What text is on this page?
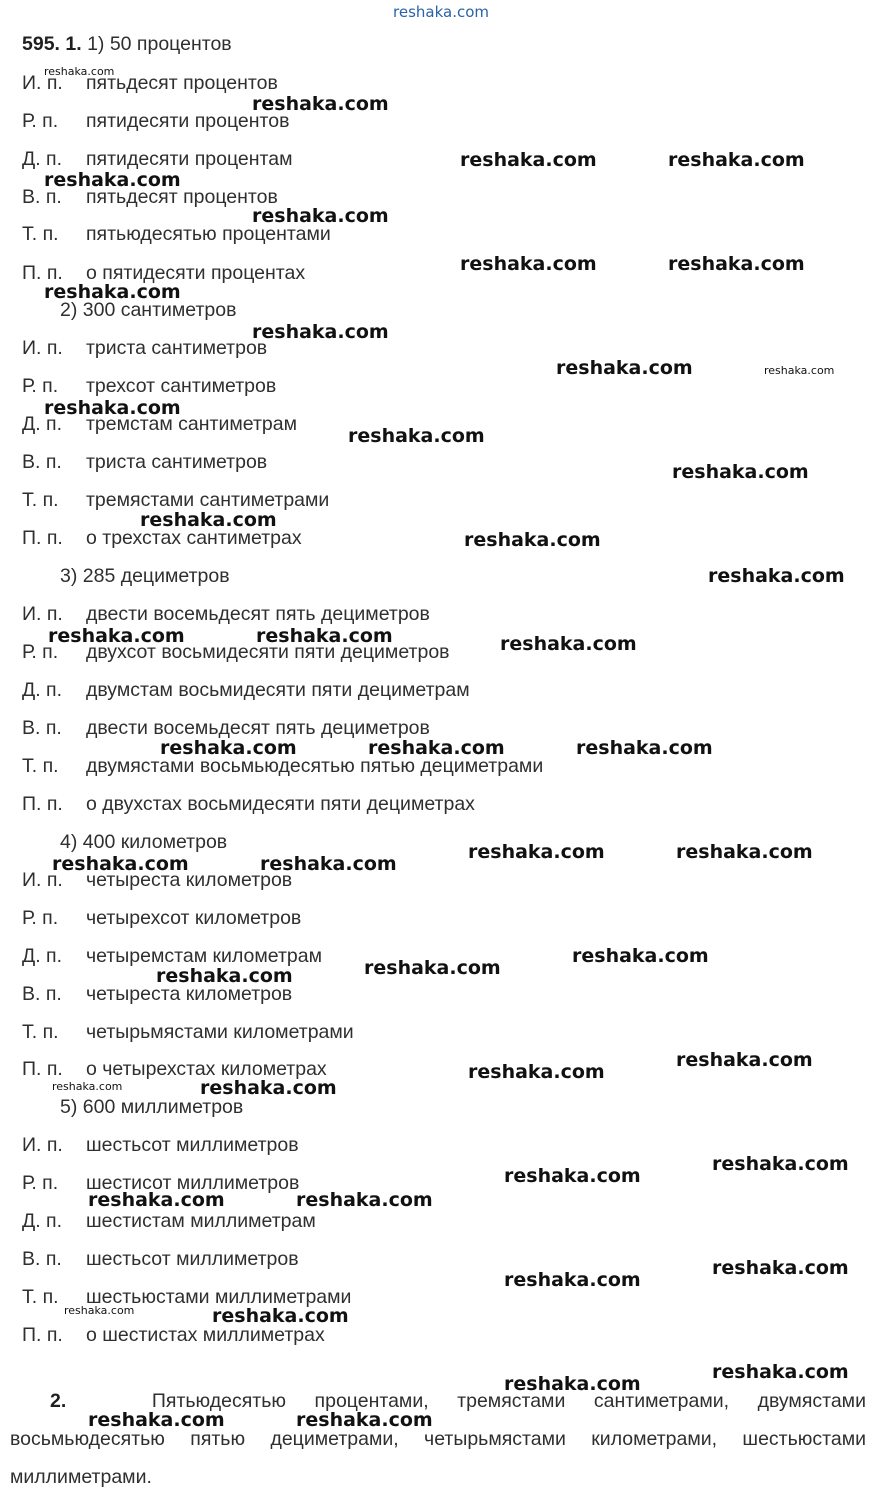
reshaka.com
595. 1. 1) 50 процентов
И. п. пятьдесят процентов
Р. п. пятидесяти процентов
Д. п. пятидесяти процентам
В. п. пятьдесят процентов
Т. п. пятьюдесятью процентами
П. п. о пятидесяти процентах
2) 300 сантиметров
И. п. триста сантиметров
Р. п. трехсот сантиметров
Д. п. тремстам сантиметрам
В. п. триста сантиметров
Т. п. тремястами сантиметрами
П. п. о трехстах сантиметрах
3) 285 дециметров
И. п. двести восемьдесят пять дециметров
Р. п. двухсот восьмидесяти пяти дециметров
Д. п. двумстам восьмидесяти пяти дециметрам
В. п. двести восемьдесят пять дециметров
Т. п. двумястами восьмьюдесятью пятью дециметрами
П. п. о двухстах восьмидесяти пяти дециметрах
4) 400 километров
И. п. четыреста километров
Р. п. четырехсот километров
Д. п. четыремстам километрам
В. п. четыреста километров
Т. п. четырьмястами километрами
П. п. о четырехстах километрах
5) 600 миллиметров
И. п. шестьсот миллиметров
Р. п. шестисот миллиметров
Д. п. шестистам миллиметрам
В. п. шестьсот миллиметров
Т. п. шестьюстами миллиметрами
П. п. о шестистах миллиметрах
2.	Пятьюдесятью процентами, тремястами сантиметрами, двумястами
восьмьюдесятью пятью дециметрами, четырьмястами километрами, шестьюстами
миллиметрами.
reshaka.com
reshaka.com
reshaka.com	reshaka.com
reshaka.com
reshaka.com
reshaka.com	reshaka.com
reshaka.com
reshaka.com
reshaka.com	reshaka.com
reshaka.com
reshaka.com
reshaka.com
reshaka.com
reshaka.com
reshaka.com
reshaka.com	reshaka.com	reshaka.com
reshaka.com	reshaka.com	reshaka.com
reshaka.com	reshaka.com
reshaka.com	reshaka.com
reshaka.com
reshaka.com
reshaka.com
reshaka.com
reshaka.com
reshaka.com
reshaka.com
reshaka.com
reshaka.com
reshaka.com	reshaka.com
reshaka.com
reshaka.com
reshaka.com	reshaka.com
reshaka.com
reshaka.com
reshaka.com	reshaka.com
